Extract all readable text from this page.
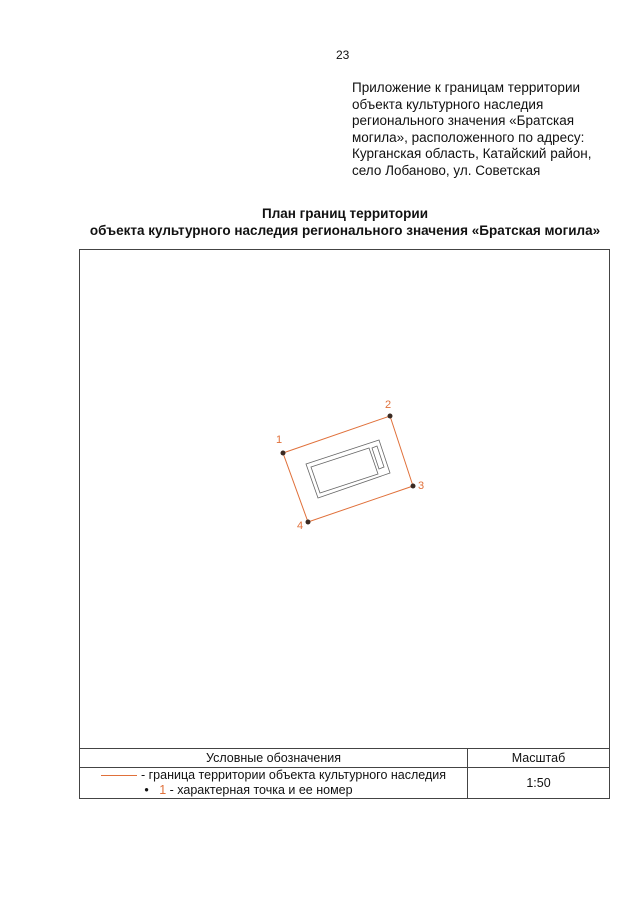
23
Приложение к границам территории
объекта культурного наследия
регионального значения «Братская
могила», расположенного по адресу:
Курганская область, Катайский район,
село Лобаново, ул. Советская
План границ территории
объекта культурного наследия регионального значения «Братская могила»
1
2
3
4
Условные обозначения	Масштаб

- граница территории объекта культурного наследия
• 1 - характерная точка и ее номер	1:50
